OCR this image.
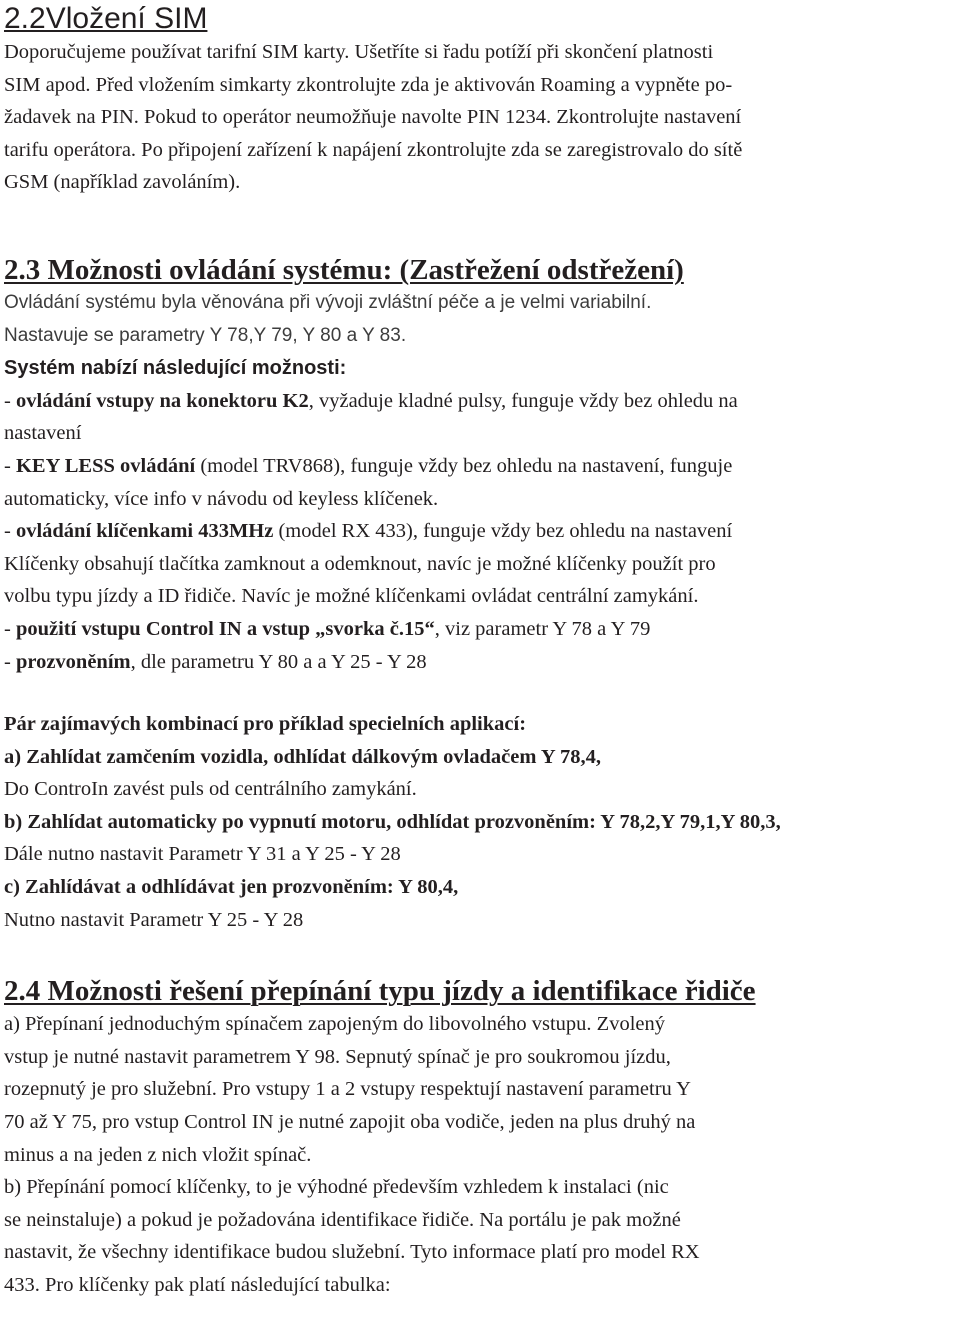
2.2Vložení SIM
Doporučujeme používat tarifní SIM karty. Ušetříte si řadu potíží při skončení platnosti
SIM apod. Před vložením simkarty zkontrolujte zda je aktivován Roaming a vypněte po-
žadavek na PIN. Pokud to operátor neumožňuje navolte PIN 1234. Zkontrolujte nastavení
tarifu operátora. Po připojení zařízení k napájení zkontrolujte zda se zaregistrovalo do sítě
GSM (například zavoláním).
2.3 Možnosti ovládání systému: (Zastřežení odstřežení)
Ovládání systému byla věnována při vývoji zvláštní péče a je velmi variabilní.
Nastavuje se parametry Y 78,Y 79, Y 80 a Y 83.
Systém nabízí následující možnosti:
- ovládání vstupy na konektoru K2, vyžaduje kladné pulsy, funguje vždy bez ohledu na
nastavení
- KEY LESS ovládání (model TRV868), funguje vždy bez ohledu na nastavení, funguje
automaticky, více info v návodu od keyless klíčenek.
- ovládání klíčenkami 433MHz (model RX 433), funguje vždy bez ohledu na nastavení
Klíčenky obsahují tlačítka zamknout a odemknout, navíc je možné klíčenky použít pro
volbu typu jízdy a ID řidiče. Navíc je možné klíčenkami ovládat centrální zamykání.
- použití vstupu Control IN a vstup „svorka č.15“, viz parametr Y 78 a Y 79
- prozvoněním, dle parametru Y 80 a a Y 25 - Y 28
Pár zajímavých kombinací pro příklad specielních aplikací:
a) Zahlídat zamčením vozidla, odhlídat dálkovým ovladačem Y 78,4,
Do ControIn zavést puls od centrálního zamykání.
b) Zahlídat automaticky po vypnutí motoru, odhlídat prozvoněním: Y 78,2,Y 79,1,Y 80,3,
Dále nutno nastavit Parametr Y 31 a Y 25 - Y 28
c) Zahlídávat a odhlídávat jen prozvoněním: Y 80,4,
Nutno nastavit Parametr Y 25 - Y 28
2.4 Možnosti řešení přepínání typu jízdy a identifikace řidiče
a) Přepínaní jednoduchým spínačem zapojeným do libovolného vstupu. Zvolený
vstup je nutné nastavit parametrem Y 98. Sepnutý spínač je pro soukromou jízdu,
rozepnutý je pro služební. Pro vstupy 1 a 2 vstupy respektují nastavení parametru Y
70 až Y 75, pro vstup Control IN je nutné zapojit oba vodiče, jeden na plus druhý na
minus a na jeden z nich vložit spínač.
b) Přepínání pomocí klíčenky, to je výhodné především vzhledem k instalaci (nic
se neinstaluje) a pokud je požadována identifikace řidiče. Na portálu je pak možné
nastavit, že všechny identifikace budou služební. Tyto informace platí pro model RX
433. Pro klíčenky pak platí následující tabulka:
